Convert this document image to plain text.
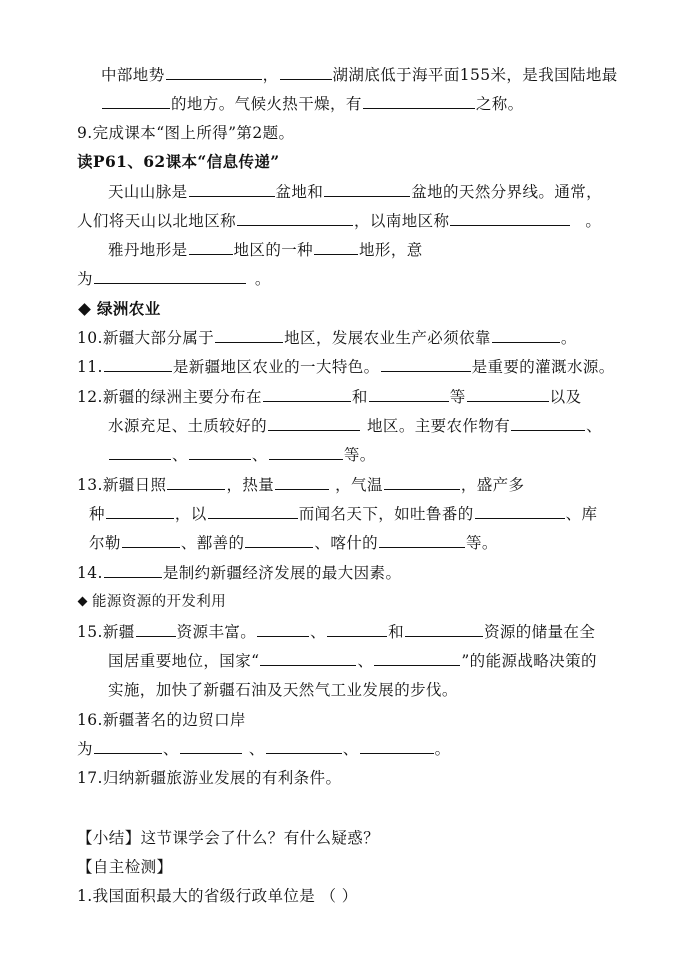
中部地势	，	湖湖底低于海平面155米，是我国陆地最
的地方。气候火热干燥，有	之称。
9.完成课本“图上所得”第2题。
读P61、62课本“信息传递”
天山山脉是	盆地和	盆地的天然分界线。通常，
人们将天山以北地区称	，以南地区称	。
雅丹地形是	地区的一种	地形，意
为	。
绿洲农业
10.新疆大部分属于	地区，发展农业生产必须依靠	。
11.	是新疆地区农业的一大特色。	是重要的灌溉水源。
12.新疆的绿洲主要分布在	和	等	以及
水源充足、土质较好的	地区。主要农作物有	、
、	、	等。
13.新疆日照	，热量	，气温	，盛产多
种	，以	而闻名天下，如吐鲁番的	、库
尔勒	、鄯善的	、喀什的	等。
14.	是制约新疆经济发展的最大因素。
能源资源的开发利用
15.新疆	资源丰富。	、	和	资源的储量在全
国居重要地位，国家“	、	”的能源战略决策的
实施，加快了新疆石油及天然气工业发展的步伐。
16.新疆著名的边贸口岸
为	、	、	、	。
17.归纳新疆旅游业发展的有利条件。
【小结】这节课学会了什么？有什么疑惑？
【自主检测】
1.我国面积最大的省级行政单位是 （ ）
